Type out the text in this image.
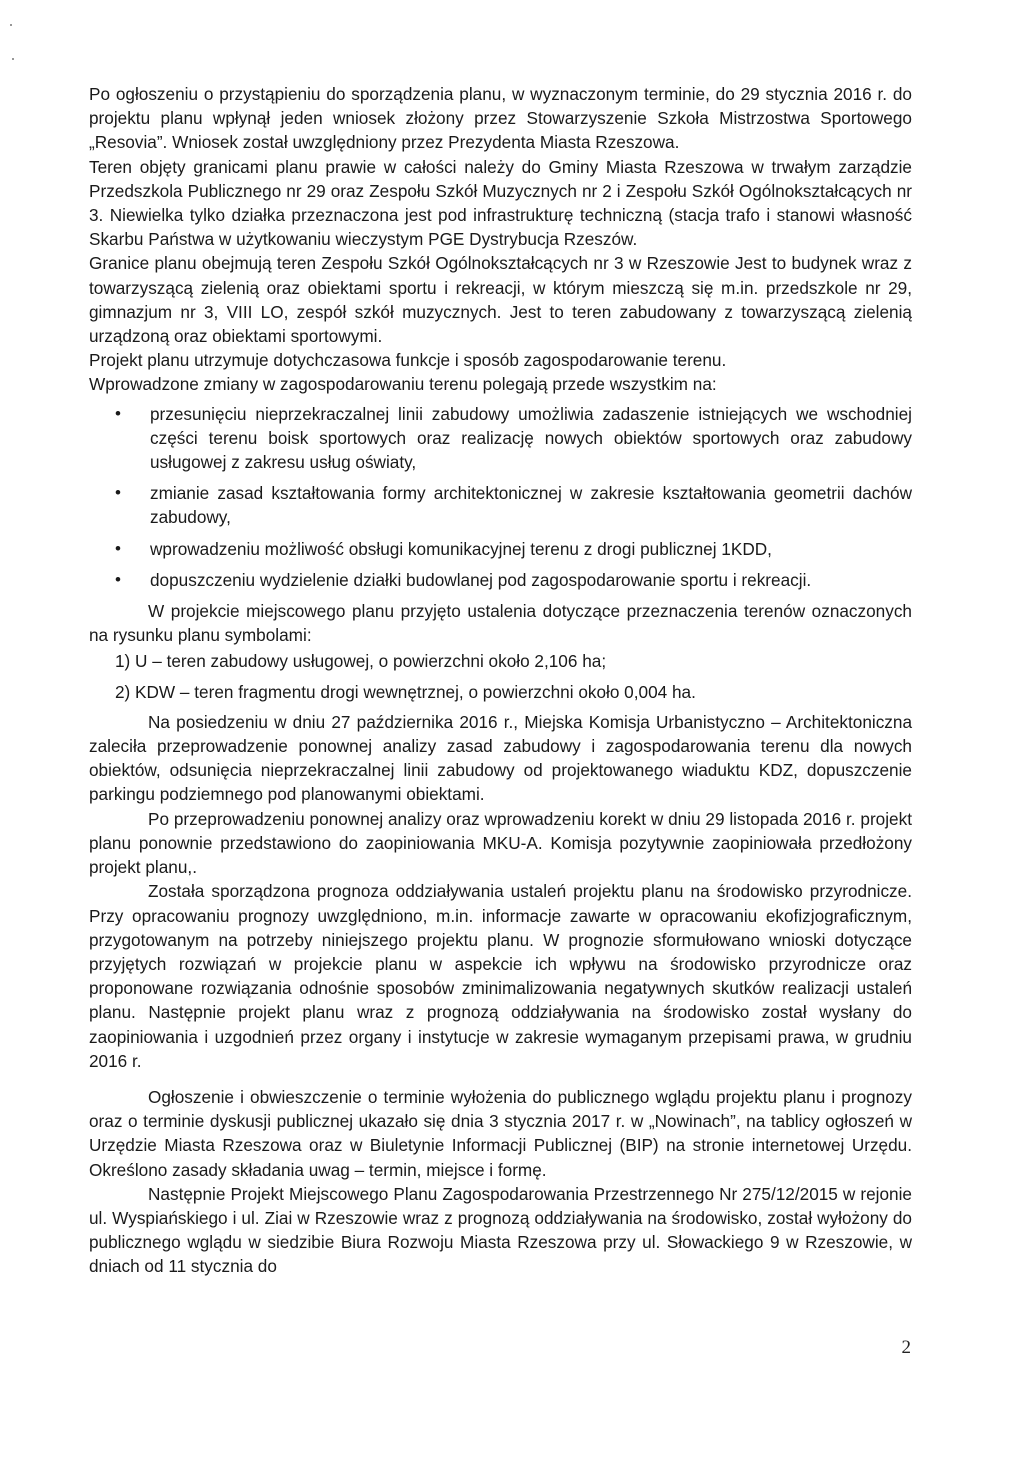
Po ogłoszeniu o przystąpieniu do sporządzenia planu, w wyznaczonym terminie, do 29 stycznia 2016 r. do projektu planu wpłynął jeden wniosek złożony przez Stowarzyszenie Szkoła Mistrzostwa Sportowego „Resovia”. Wniosek został uwzględniony przez Prezydenta Miasta Rzeszowa.

Teren objęty granicami planu prawie w całości należy do Gminy Miasta Rzeszowa w trwałym zarządzie Przedszkola Publicznego nr 29 oraz Zespołu Szkół Muzycznych nr 2 i Zespołu Szkół Ogólnokształcących nr 3. Niewielka tylko działka przeznaczona jest pod infrastrukturę techniczną (stacja trafo i stanowi własność Skarbu Państwa w użytkowaniu wieczystym PGE Dystrybucja Rzeszów.

Granice planu obejmują teren Zespołu Szkół Ogólnokształcących nr 3 w Rzeszowie Jest to budynek wraz z towarzyszącą zielenią oraz obiektami sportu i rekreacji, w którym mieszczą się m.in. przedszkole nr 29, gimnazjum nr 3, VIII LO, zespół szkół muzycznych. Jest to teren zabudowany z towarzyszącą zielenią urządzoną oraz obiektami sportowymi.

Projekt planu utrzymuje dotychczasowa funkcje i sposób zagospodarowanie terenu.

Wprowadzone zmiany w zagospodarowaniu terenu polegają przede wszystkim na:

• przesunięciu nieprzekraczalnej linii zabudowy umożliwia zadaszenie istniejących we wschodniej części terenu boisk sportowych oraz realizację nowych obiektów sportowych oraz zabudowy usługowej z zakresu usług oświaty,
• zmianie zasad kształtowania formy architektonicznej w zakresie kształtowania geometrii dachów zabudowy,
• wprowadzeniu możliwość obsługi komunikacyjnej terenu z drogi publicznej 1KDD,
• dopuszczeniu wydzielenie działki budowlanej pod zagospodarowanie sportu i rekreacji.

W projekcie miejscowego planu przyjęto ustalenia dotyczące przeznaczenia terenów oznaczonych na rysunku planu symbolami:

1) U – teren zabudowy usługowej, o powierzchni około 2,106 ha;
2) KDW – teren fragmentu drogi wewnętrznej, o powierzchni około 0,004 ha.

Na posiedzeniu w dniu 27 października 2016 r., Miejska Komisja Urbanistyczno – Architektoniczna zaleciła przeprowadzenie ponownej analizy zasad zabudowy i zagospodarowania terenu dla nowych obiektów, odsunięcia nieprzekraczalnej linii zabudowy od projektowanego wiaduktu KDZ, dopuszczenie parkingu podziemnego pod planowanymi obiektami.

Po przeprowadzeniu ponownej analizy oraz wprowadzeniu korekt w dniu 29 listopada 2016 r. projekt planu ponownie przedstawiono do zaopiniowania MKU-A. Komisja pozytywnie zaopiniowała przedłożony projekt planu,.

Została sporządzona prognoza oddziaływania ustaleń projektu planu na środowisko przyrodnicze. Przy opracowaniu prognozy uwzględniono, m.in. informacje zawarte w opracowaniu ekofizjograficznym, przygotowanym na potrzeby niniejszego projektu planu. W prognozie sformułowano wnioski dotyczące przyjętych rozwiązań w projekcie planu w aspekcie ich wpływu na środowisko przyrodnicze oraz proponowane rozwiązania odnośnie sposobów zminimalizowania negatywnych skutków realizacji ustaleń planu. Następnie projekt planu wraz z prognozą oddziaływania na środowisko został wysłany do zaopiniowania i uzgodnień przez organy i instytucje w zakresie wymaganym przepisami prawa, w grudniu 2016 r.

Ogłoszenie i obwieszczenie o terminie wyłożenia do publicznego wglądu projektu planu i prognozy oraz o terminie dyskusji publicznej ukazało się dnia 3 stycznia 2017 r. w „Nowinach”, na tablicy ogłoszeń w Urzędzie Miasta Rzeszowa oraz w Biuletynie Informacji Publicznej (BIP) na stronie internetowej Urzędu. Określono zasady składania uwag – termin, miejsce i formę.

Następnie Projekt Miejscowego Planu Zagospodarowania Przestrzennego Nr 275/12/2015 w rejonie ul. Wyspiańskiego i ul. Ziai w Rzeszowie wraz z prognozą oddziaływania na środowisko, został wyłożony do publicznego wglądu w siedzibie Biura Rozwoju Miasta Rzeszowa przy ul. Słowackiego 9 w Rzeszowie, w dniach od 11 stycznia do

2
